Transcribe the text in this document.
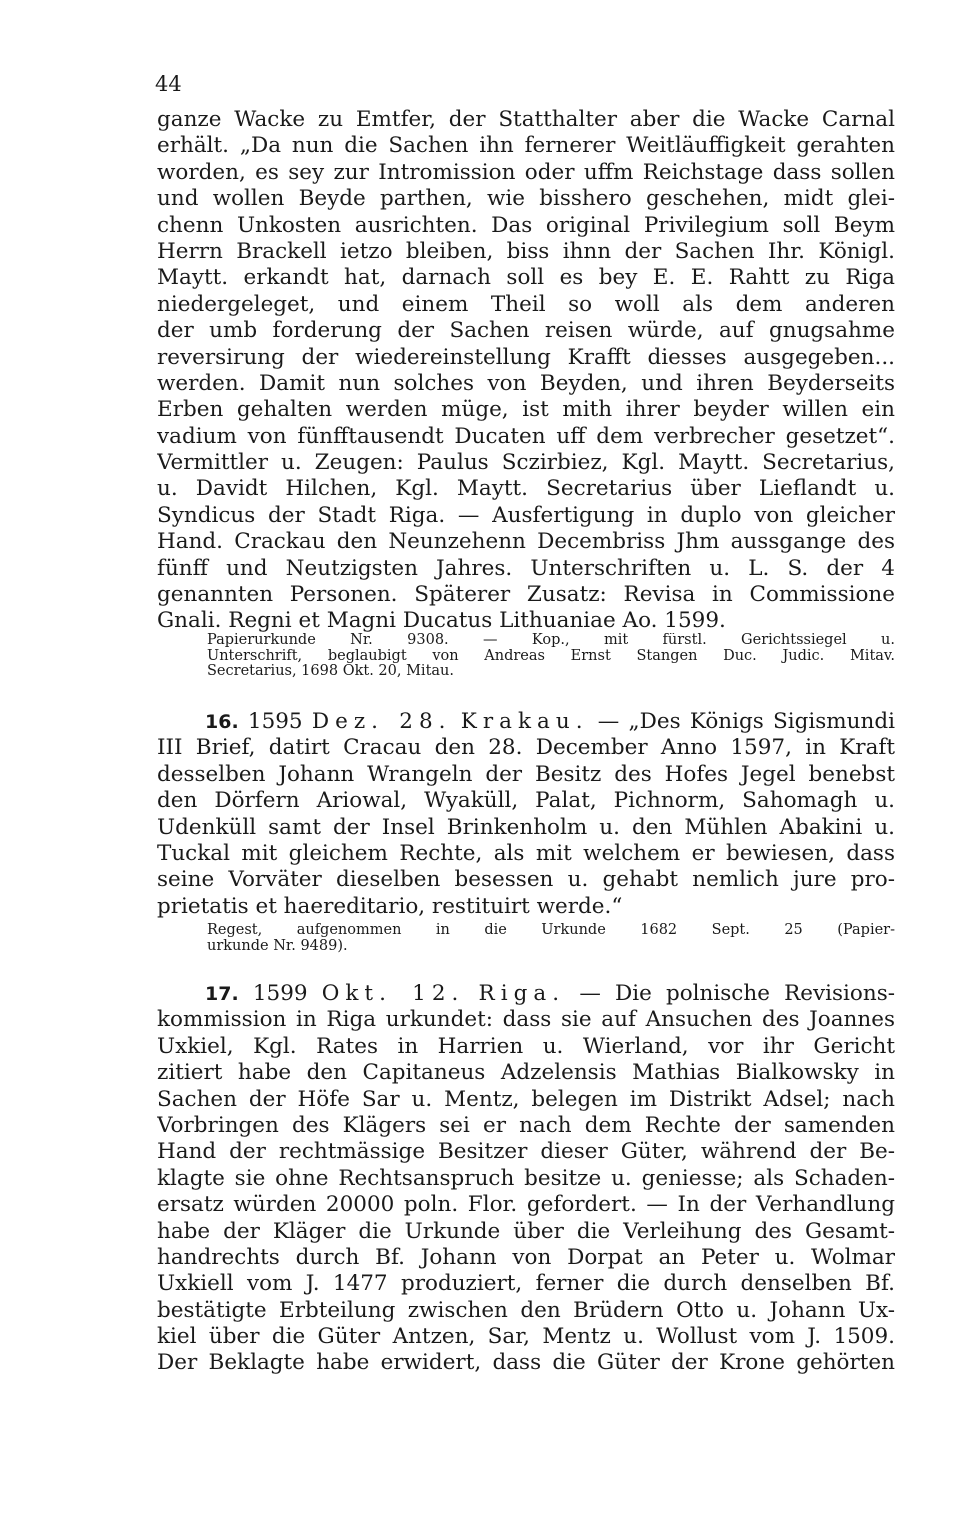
44
ganze Wacke zu Emtfer, der Statthalter aber die Wacke Carnal
erhält. „Da nun die Sachen ihn fernerer Weitläuffigkeit gerahten
worden, es sey zur Intromission oder uffm Reichstage dass sollen
und wollen Beyde parthen, wie bisshero geschehen, midt glei-
chenn Unkosten ausrichten. Das original Privilegium soll Beym
Herrn Brackell ietzo bleiben, biss ihnn der Sachen Ihr. Königl.
Maytt. erkandt hat, darnach soll es bey E. E. Rahtt zu Riga
niedergeleget, und einem Theil so woll als dem anderen
der umb forderung der Sachen reisen würde, auf gnugsahme
reversirung der wiedereinstellung Krafft diesses ausgegeben...
werden. Damit nun solches von Beyden, und ihren Beyderseits
Erben gehalten werden müge, ist mith ihrer beyder willen ein
vadium von fünfftausendt Ducaten uff dem verbrecher gesetzet“.
Vermittler u. Zeugen: Paulus Sczirbiez, Kgl. Maytt. Secretarius,
u. Davidt Hilchen, Kgl. Maytt. Secretarius über Lieflandt u.
Syndicus der Stadt Riga. — Ausfertigung in duplo von gleicher
Hand. Crackau den Neunzehenn Decembriss Jhm aussgange des
fünff und Neutzigsten Jahres. Unterschriften u. L. S. der 4
genannten Personen. Späterer Zusatz: Revisa in Commissione
Gnali. Regni et Magni Ducatus Lithuaniae Ao. 1599.
Papierurkunde Nr. 9308. — Kop., mit fürstl. Gerichtssiegel u.
Unterschrift, beglaubigt von Andreas Ernst Stangen Duc. Judic. Mitav.
Secretarius, 1698 Okt. 20, Mitau.
16. 1595 Dez. 28. Krakau. — „Des Königs Sigismundi
III Brief, datirt Cracau den 28. December Anno 1597, in Kraft
desselben Johann Wrangeln der Besitz des Hofes Jegel benebst
den Dörfern Ariowal, Wyaküll, Palat, Pichnorm, Sahomagh u.
Udenküll samt der Insel Brinkenholm u. den Mühlen Abakini u.
Tuckal mit gleichem Rechte, als mit welchem er bewiesen, dass
seine Vorväter dieselben besessen u. gehabt nemlich jure pro-
prietatis et haereditario, restituirt werde.“
Regest, aufgenommen in die Urkunde 1682 Sept. 25 (Papier-
urkunde Nr. 9489).
17. 1599 Okt. 12. Riga. — Die polnische Revisions-
kommission in Riga urkundet: dass sie auf Ansuchen des Joannes
Uxkiel, Kgl. Rates in Harrien u. Wierland, vor ihr Gericht
zitiert habe den Capitaneus Adzelensis Mathias Bialkowsky in
Sachen der Höfe Sar u. Mentz, belegen im Distrikt Adsel; nach
Vorbringen des Klägers sei er nach dem Rechte der samenden
Hand der rechtmässige Besitzer dieser Güter, während der Be-
klagte sie ohne Rechtsanspruch besitze u. geniesse; als Schaden-
ersatz würden 20000 poln. Flor. gefordert. — In der Verhandlung
habe der Kläger die Urkunde über die Verleihung des Gesamt-
handrechts durch Bf. Johann von Dorpat an Peter u. Wolmar
Uxkiell vom J. 1477 produziert, ferner die durch denselben Bf.
bestätigte Erbteilung zwischen den Brüdern Otto u. Johann Ux-
kiel über die Güter Antzen, Sar, Mentz u. Wollust vom J. 1509.
Der Beklagte habe erwidert, dass die Güter der Krone gehörten
